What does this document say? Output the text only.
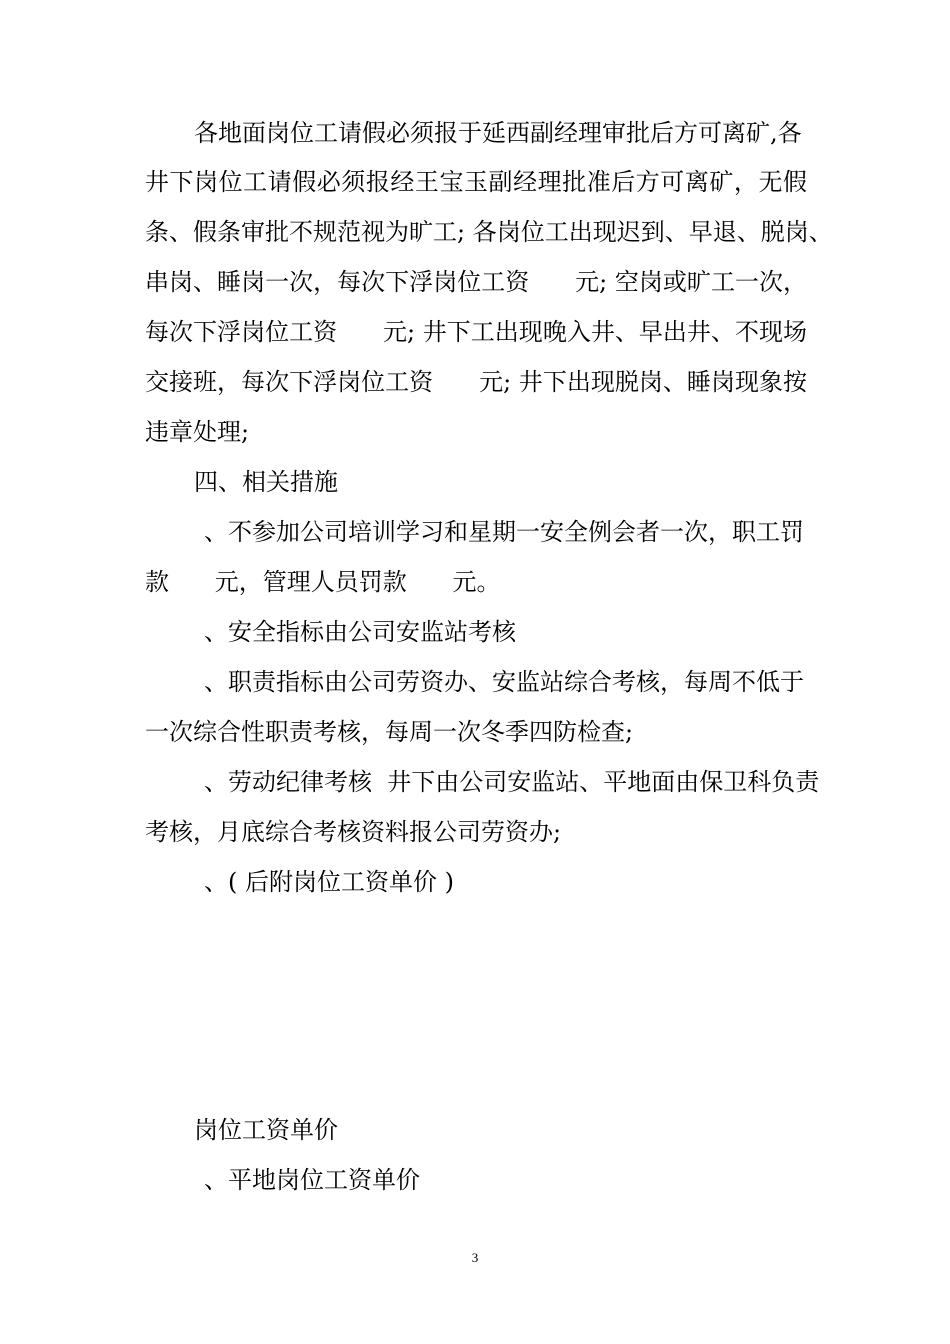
各地面岗位工请假必须报于延西副经理审批后方可离矿,各
井下岗位工请假必须报经王宝玉副经理批准后方可离矿，无假
条、假条审批不规范视为旷工; 各岗位工出现迟到、早退、脱岗、
串岗、睡岗一次，每次下浮岗位工资      元; 空岗或旷工一次，
每次下浮岗位工资      元; 井下工出现晚入井、早出井、不现场
交接班，每次下浮岗位工资      元; 井下出现脱岗、睡岗现象按
违章处理;
四、相关措施
、不参加公司培训学习和星期一安全例会者一次，职工罚
款      元，管理人员罚款      元。
、安全指标由公司安监站考核
、职责指标由公司劳资办、安监站综合考核，每周不低于
一次综合性职责考核，每周一次冬季四防检查;
、劳动纪律考核  井下由公司安监站、平地面由保卫科负责
考核，月底综合考核资料报公司劳资办;
、( 后附岗位工资单价 )
岗位工资单价
、平地岗位工资单价
3
